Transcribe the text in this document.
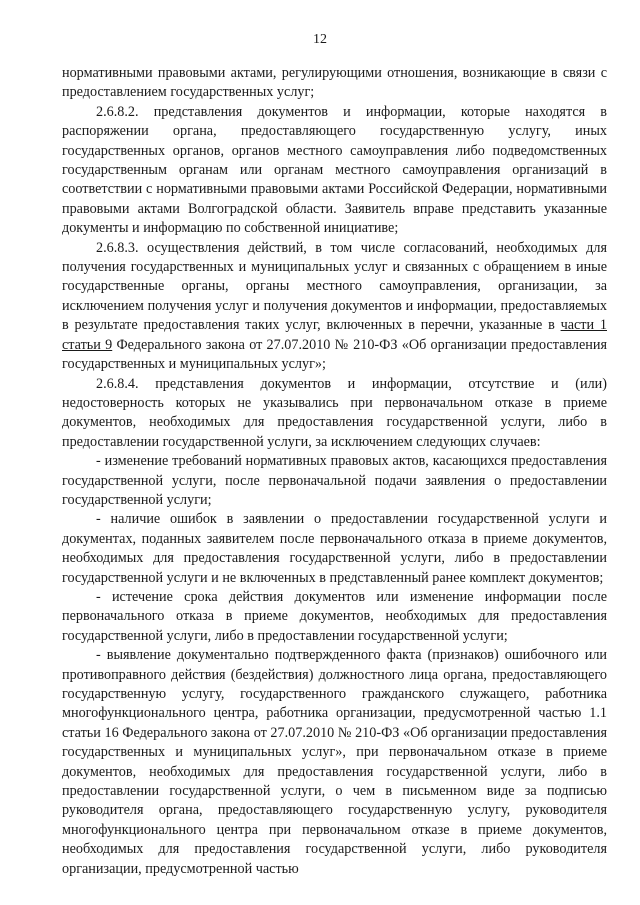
12

нормативными правовыми актами, регулирующими отношения, возникающие в связи с предоставлением государственных услуг;

2.6.8.2. представления документов и информации, которые находятся в распоряжении органа, предоставляющего государственную услугу, иных государственных органов, органов местного самоуправления либо подведомственных государственным органам или органам местного самоуправления организаций в соответствии с нормативными правовыми актами Российской Федерации, нормативными правовыми актами Волгоградской области. Заявитель вправе представить указанные документы и информацию по собственной инициативе;

2.6.8.3. осуществления действий, в том числе согласований, необходимых для получения государственных и муниципальных услуг и связанных с обращением в иные государственные органы, органы местного самоуправления, организации, за исключением получения услуг и получения документов и информации, предоставляемых в результате предоставления таких услуг, включенных в перечни, указанные в части 1 статьи 9 Федерального закона от 27.07.2010 № 210-ФЗ «Об организации предоставления государственных и муниципальных услуг»;

2.6.8.4. представления документов и информации, отсутствие и (или) недостоверность которых не указывались при первоначальном отказе в приеме документов, необходимых для предоставления государственной услуги, либо в предоставлении государственной услуги, за исключением следующих случаев:

- изменение требований нормативных правовых актов, касающихся предоставления государственной услуги, после первоначальной подачи заявления о предоставлении государственной услуги;

- наличие ошибок в заявлении о предоставлении государственной услуги и документах, поданных заявителем после первоначального отказа в приеме документов, необходимых для предоставления государственной услуги, либо в предоставлении государственной услуги и не включенных в представленный ранее комплект документов;

- истечение срока действия документов или изменение информации после первоначального отказа в приеме документов, необходимых для предоставления государственной услуги, либо в предоставлении государственной услуги;

- выявление документально подтвержденного факта (признаков) ошибочного или противоправного действия (бездействия) должностного лица органа, предоставляющего государственную услугу, государственного гражданского служащего, работника многофункционального центра, работника организации, предусмотренной частью 1.1 статьи 16 Федерального закона от 27.07.2010 № 210-ФЗ «Об организации предоставления государственных и муниципальных услуг», при первоначальном отказе в приеме документов, необходимых для предоставления государственной услуги, либо в предоставлении государственной услуги, о чем в письменном виде за подписью руководителя органа, предоставляющего государственную услугу, руководителя многофункционального центра при первоначальном отказе в приеме документов, необходимых для предоставления государственной услуги, либо руководителя организации, предусмотренной частью
